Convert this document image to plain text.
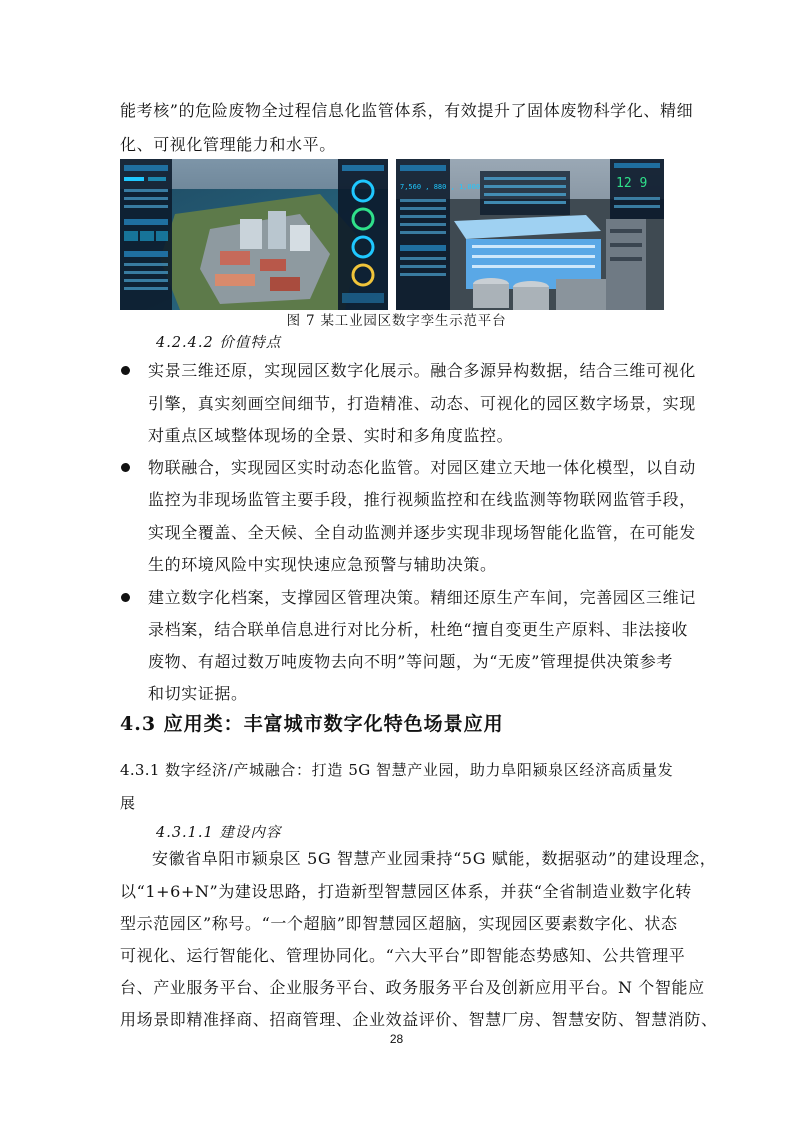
能考核”的危险废物全过程信息化监管体系，有效提升了固体废物科学化、精细
化、可视化管理能力和水平。
7,560 , 880 , 1,000	12 9
图 7 某工业园区数字孪生示范平台
4.2.4.2 价值特点
实景三维还原，实现园区数字化展示。融合多源异构数据，结合三维可视化
引擎，真实刻画空间细节，打造精准、动态、可视化的园区数字场景，实现
对重点区域整体现场的全景、实时和多角度监控。
物联融合，实现园区实时动态化监管。对园区建立天地一体化模型，以自动
监控为非现场监管主要手段，推行视频监控和在线监测等物联网监管手段，
实现全覆盖、全天候、全自动监测并逐步实现非现场智能化监管，在可能发
生的环境风险中实现快速应急预警与辅助决策。
建立数字化档案，支撑园区管理决策。精细还原生产车间，完善园区三维记
录档案，结合联单信息进行对比分析，杜绝“擅自变更生产原料、非法接收
废物、有超过数万吨废物去向不明”等问题，为“无废”管理提供决策参考
和切实证据。
4.3 应用类：丰富城市数字化特色场景应用
4.3.1 数字经济/产城融合：打造 5G 智慧产业园，助力阜阳颍泉区经济高质量发
展
4.3.1.1 建设内容
安徽省阜阳市颍泉区 5G 智慧产业园秉持“5G 赋能，数据驱动”的建设理念，
以“1+6+N”为建设思路，打造新型智慧园区体系，并获“全省制造业数字化转
型示范园区”称号。“一个超脑”即智慧园区超脑，实现园区要素数字化、状态
可视化、运行智能化、管理协同化。“六大平台”即智能态势感知、公共管理平
台、产业服务平台、企业服务平台、政务服务平台及创新应用平台。N 个智能应
用场景即精准择商、招商管理、企业效益评价、智慧厂房、智慧安防、智慧消防、
28
